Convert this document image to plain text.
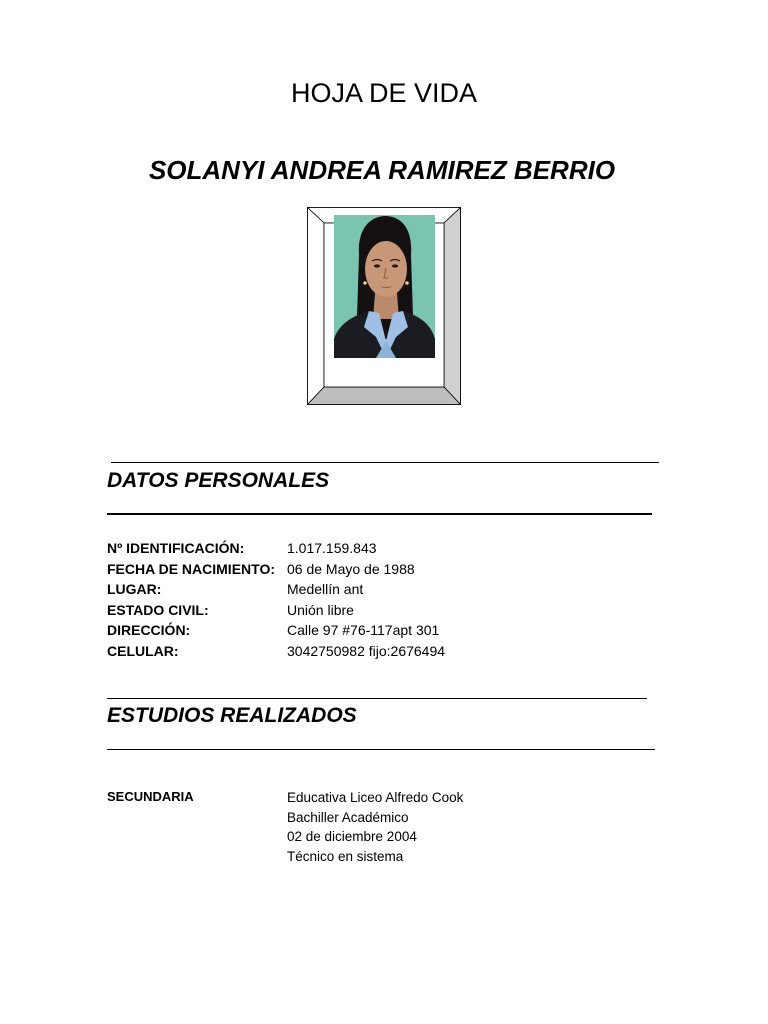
HOJA DE VIDA
SOLANYI ANDREA RAMIREZ BERRIO
DATOS PERSONALES
Nº IDENTIFICACIÓN:	1.017.159.843
FECHA DE NACIMIENTO: 06 de Mayo de 1988
LUGAR:	Medellín ant
ESTADO CIVIL:	Unión libre
DIRECCIÓN:	Calle 97 #76-117apt 301
CELULAR:	3042750982 fijo:2676494
ESTUDIOS REALIZADOS
SECUNDARIA	Educativa Liceo Alfredo Cook
Bachiller Académico
02 de diciembre 2004
Técnico en sistema
